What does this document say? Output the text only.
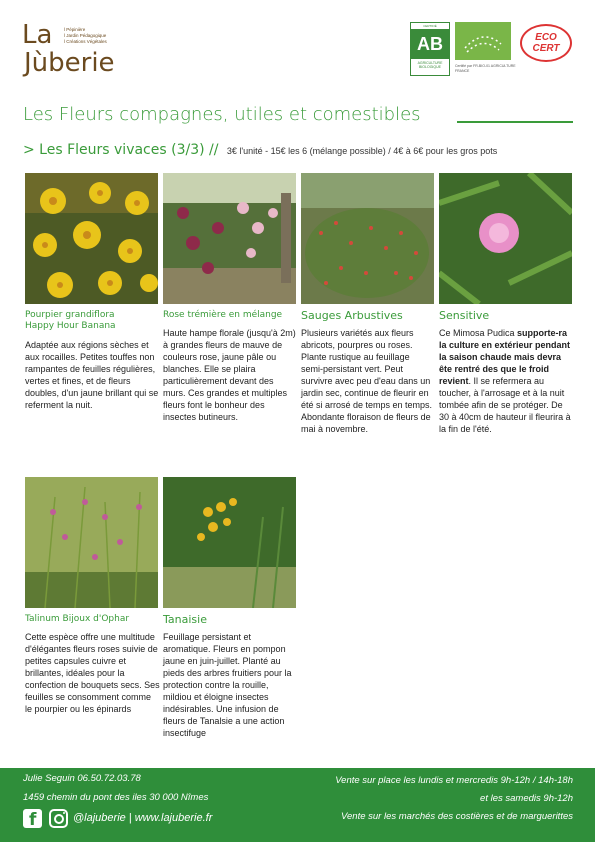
La	l Pépinière
l Jardin Pédagogique
l Créations Végétales
Jùberie
CERTIFIÉ
AB
AGRICULTURE BIOLOGIQUE	Certifié par FR-BIO-01 AGRICULTURE FRANCE
ECO CERT
Les Fleurs compagnes, utiles et comestibles
> Les Fleurs vivaces (3/3) // 3€ l'unité - 15€ les 6 (mélange possible) / 4€ à 6€ pour les gros pots
Pourpier grandiflora
Happy Hour Banana
Adaptée aux régions sèches et aux rocailles. Petites touffes non rampantes de feuilles régulières, vertes et fines, et de fleurs doubles, d'un jaune brillant qui se referment la nuit.
Rose trémière en mélange
Haute hampe florale (jusqu'à 2m) à grandes fleurs de mauve de couleurs rose, jaune pâle ou blanches. Elle se plaira particulièrement devant des murs. Ces grandes et multiples fleurs font le bonheur des insectes butineurs.
Sauges Arbustives
Plusieurs variétés aux fleurs abricots, pourpres ou roses. Plante rustique au feuillage semi-persistant vert. Peut survivre avec peu d'eau dans un jardin sec, continue de fleurir en été si arrosé de temps en temps. Abondante floraison de fleurs de mai à novembre.
Sensitive
Ce Mimosa Pudica supporte-ra la culture en extérieur pendant la saison chaude mais devra ête rentré des que le froid revient. Il se refermera au toucher, à l'arrosage et à la nuit tombée afin de se protéger. De 30 à 40cm de hauteur il fleurira à la fin de l'été.
Talinum Bijoux d'Ophar
Cette espèce offre une multitude d'élégantes fleurs roses suivie de petites capsules cuivre et brillantes, idéales pour la confection de bouquets secs. Ses feuilles se consomment comme le pourpier ou les épinards
Tanaisie
Feuillage persistant et aromatique. Fleurs en pompon jaune en juin-juillet. Planté au pieds des arbres fruitiers pour la protection contre la rouille, mildiou et éloigne insectes indésirables. Une infusion de fleurs de Tanalsie a une action insectifuge
Julie Seguin 06.50.72.03.78
1459 chemin du pont des iles 30 000 Nîmes
f	@lajuberie | www.lajuberie.fr
Vente sur place les lundis et mercredis 9h-12h / 14h-18h
et les samedis 9h-12h
Vente sur les marchés des costières et de marguerittes
